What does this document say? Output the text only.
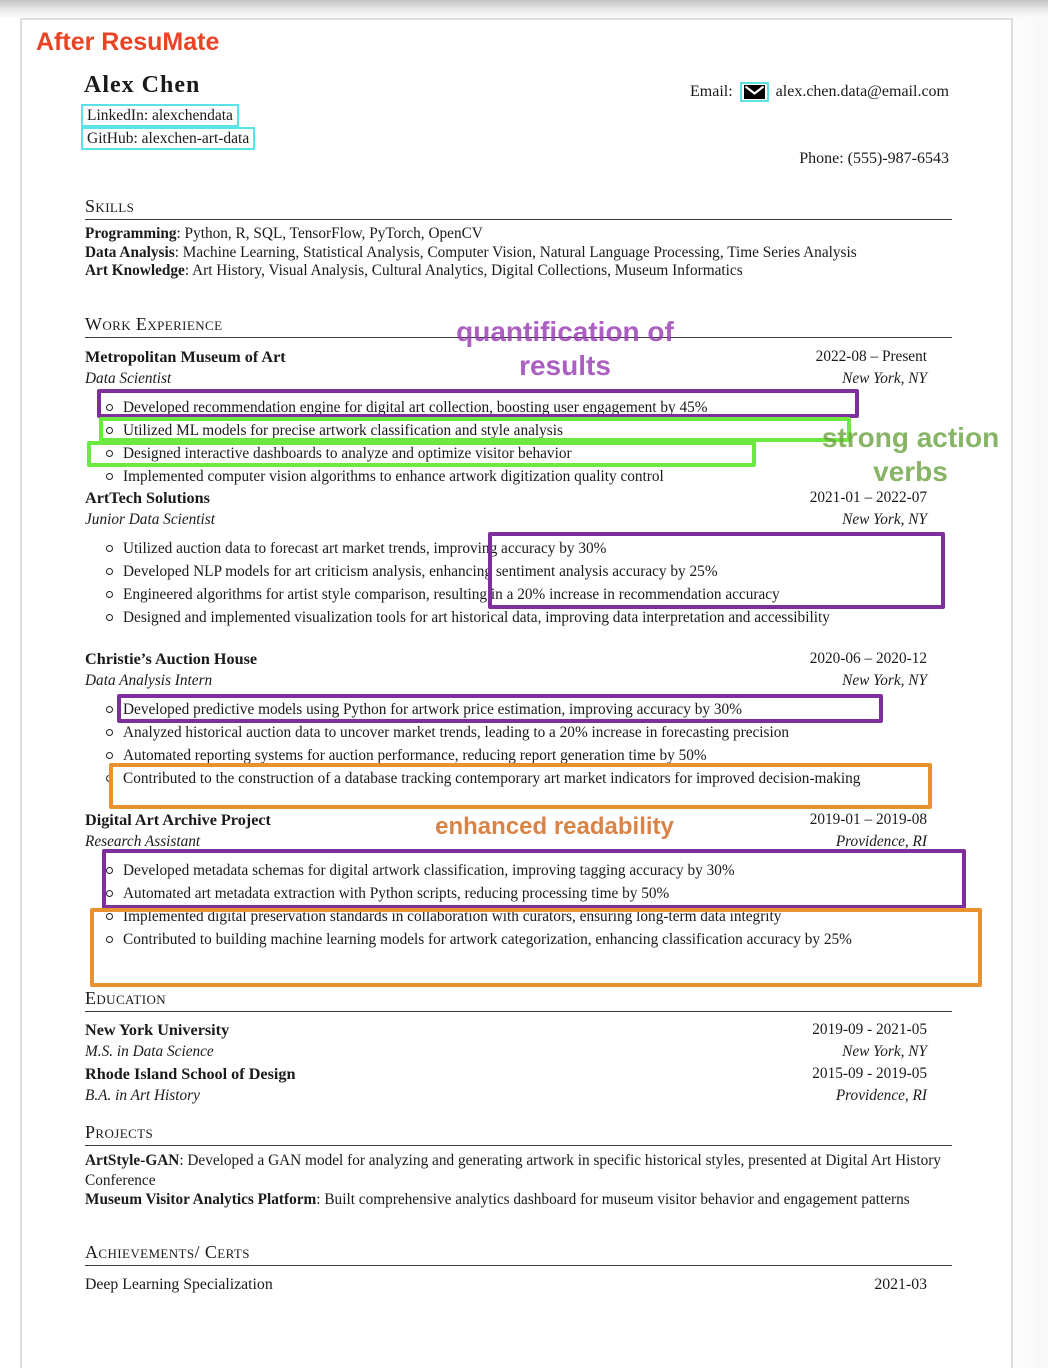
After ResuMate
Alex Chen
LinkedIn: alexchendata
GitHub: alexchen-art-data
Email:	alex.chen.data@email.com
Phone: (555)-987-6543
Skills
Programming: Python, R, SQL, TensorFlow, PyTorch, OpenCV
Data Analysis: Machine Learning, Statistical Analysis, Computer Vision, Natural Language Processing, Time Series Analysis
Art Knowledge: Art History, Visual Analysis, Cultural Analytics, Digital Collections, Museum Informatics
Work Experience
Metropolitan Museum of Art	2022-08 – Present
Data Scientist	New York, NY
Developed recommendation engine for digital art collection, boosting user engagement by 45%
Utilized ML models for precise artwork classification and style analysis
Designed interactive dashboards to analyze and optimize visitor behavior
Implemented computer vision algorithms to enhance artwork digitization quality control
ArtTech Solutions	2021-01 – 2022-07
Junior Data Scientist	New York, NY
Utilized auction data to forecast art market trends, improving accuracy by 30%
Developed NLP models for art criticism analysis, enhancing sentiment analysis accuracy by 25%
Engineered algorithms for artist style comparison, resulting in a 20% increase in recommendation accuracy
Designed and implemented visualization tools for art historical data, improving data interpretation and accessibility
Christie’s Auction House	2020-06 – 2020-12
Data Analysis Intern	New York, NY
Developed predictive models using Python for artwork price estimation, improving accuracy by 30%
Analyzed historical auction data to uncover market trends, leading to a 20% increase in forecasting precision
Automated reporting systems for auction performance, reducing report generation time by 50%
Contributed to the construction of a database tracking contemporary art market indicators for improved decision-making
Digital Art Archive Project	2019-01 – 2019-08
Research Assistant	Providence, RI
Developed metadata schemas for digital artwork classification, improving tagging accuracy by 30%
Automated art metadata extraction with Python scripts, reducing processing time by 50%
Implemented digital preservation standards in collaboration with curators, ensuring long-term data integrity
Contributed to building machine learning models for artwork categorization, enhancing classification accuracy by 25%
Education
New York University	2019-09 - 2021-05
M.S. in Data Science	New York, NY
Rhode Island School of Design	2015-09 - 2019-05
B.A. in Art History	Providence, RI
Projects
ArtStyle-GAN: Developed a GAN model for analyzing and generating artwork in specific historical styles, presented at Digital Art History Conference
Museum Visitor Analytics Platform: Built comprehensive analytics dashboard for museum visitor behavior and engagement patterns
Achievements/ Certs
Deep Learning Specialization	2021-03
quantification of results
strong action verbs
enhanced readability
